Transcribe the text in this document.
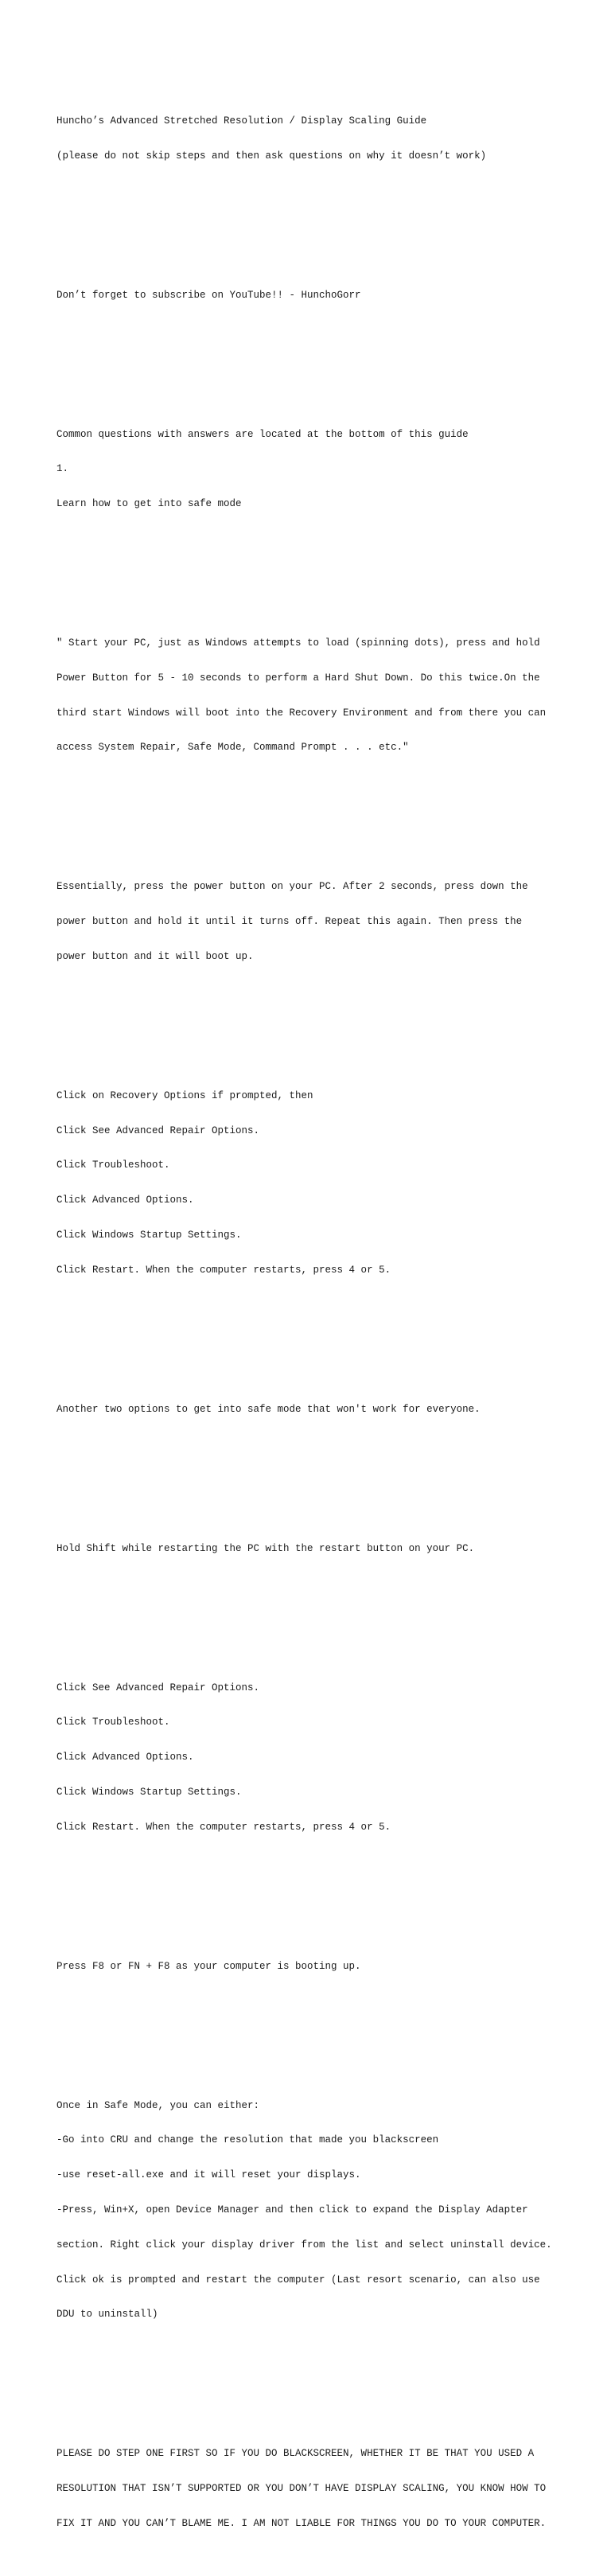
Huncho’s Advanced Stretched Resolution / Display Scaling Guide

(please do not skip steps and then ask questions on why it doesn’t work)

Don’t forget to subscribe on YouTube!! - HunchoGorr

Common questions with answers are located at the bottom of this guide

1.

Learn how to get into safe mode

" Start your PC, just as Windows attempts to load (spinning dots), press and hold

Power Button for 5 - 10 seconds to perform a Hard Shut Down. Do this twice.On the

third start Windows will boot into the Recovery Environment and from there you can

access System Repair, Safe Mode, Command Prompt . . . etc."

Essentially, press the power button on your PC. After 2 seconds, press down the

power button and hold it until it turns off. Repeat this again. Then press the

power button and it will boot up.

Click on Recovery Options if prompted, then

Click See Advanced Repair Options.

Click Troubleshoot.

Click Advanced Options.

Click Windows Startup Settings.

Click Restart. When the computer restarts, press 4 or 5.

Another two options to get into safe mode that won't work for everyone.

Hold Shift while restarting the PC with the restart button on your PC.

Click See Advanced Repair Options.

Click Troubleshoot.

Click Advanced Options.

Click Windows Startup Settings.

Click Restart. When the computer restarts, press 4 or 5.

Press F8 or FN + F8 as your computer is booting up.

Once in Safe Mode, you can either:

-Go into CRU and change the resolution that made you blackscreen

-use reset-all.exe and it will reset your displays.

-Press, Win+X, open Device Manager and then click to expand the Display Adapter

section. Right click your display driver from the list and select uninstall device.

Click ok is prompted and restart the computer (Last resort scenario, can also use

DDU to uninstall)

PLEASE DO STEP ONE FIRST SO IF YOU DO BLACKSCREEN, WHETHER IT BE THAT YOU USED A

RESOLUTION THAT ISN’T SUPPORTED OR YOU DON’T HAVE DISPLAY SCALING, YOU KNOW HOW TO

FIX IT AND YOU CAN’T BLAME ME. I AM NOT LIABLE FOR THINGS YOU DO TO YOUR COMPUTER.
